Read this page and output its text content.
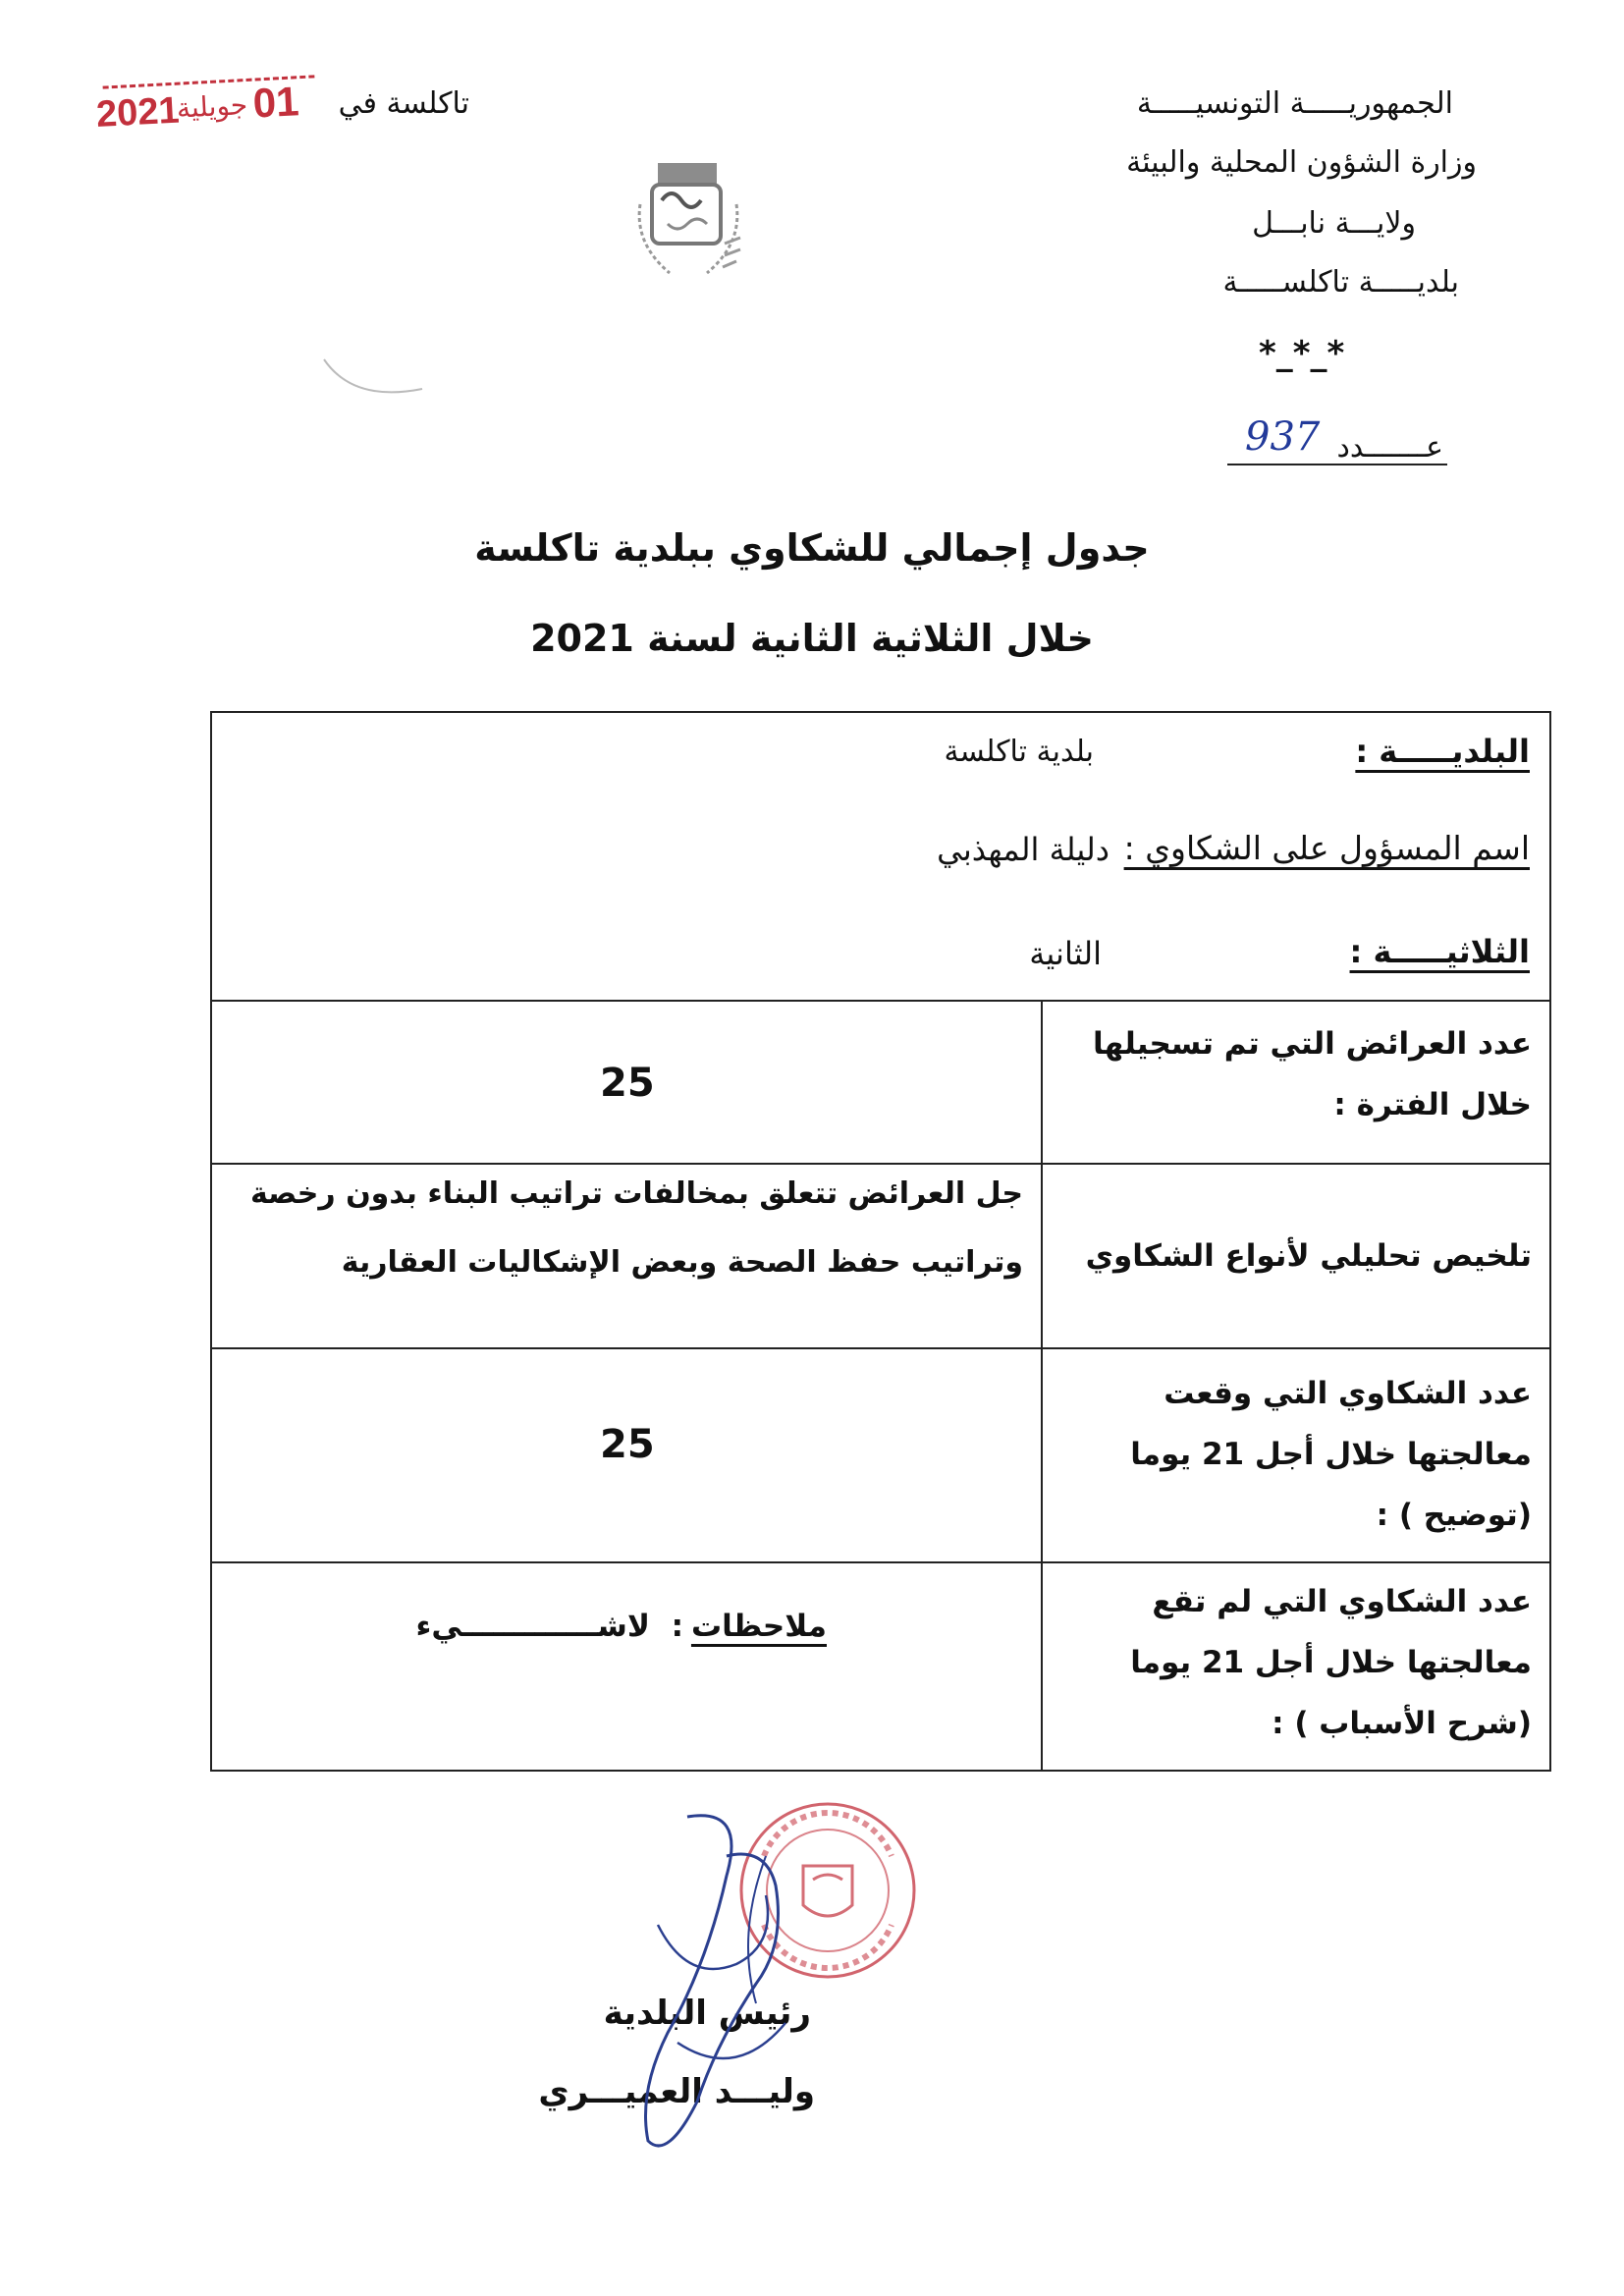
الجمهوريـــــة التونسيـــــة
وزارة الشؤون المحلية والبيئة
ولايـــة نابـــل
بلديـــــة تاكلســـــة
*_*_*
عـــــــدد
937
2021
جويلية 01 تاكلسة في
جدول إجمالي للشكاوي ببلدية تاكلسة
خلال الثلاثية الثانية لسنة 2021
البلديـــــة :
بلدية تاكلسة
اسم المسؤول على الشكاوي :
دليلة المهذبي
الثلاثيـــــة :
الثانية
عدد العرائض التي تم تسجيلها
خلال الفترة :
25
تلخيص تحليلي لأنواع الشكاوي
جل العرائض تتعلق بمخالفات تراتيب البناء بدون رخصة
وتراتيب حفظ الصحة وبعض الإشكاليات العقارية
عدد الشكاوي التي وقعت
معالجتها خلال أجل 21 يوما
(توضيح ) :
25
عدد الشكاوي التي لم تقع
معالجتها خلال أجل 21 يوما
(شرح الأسباب ) :
ملاحظات
:
لاشـــــــــــــيء
رئيس البلدية
وليـــد العميـــري
